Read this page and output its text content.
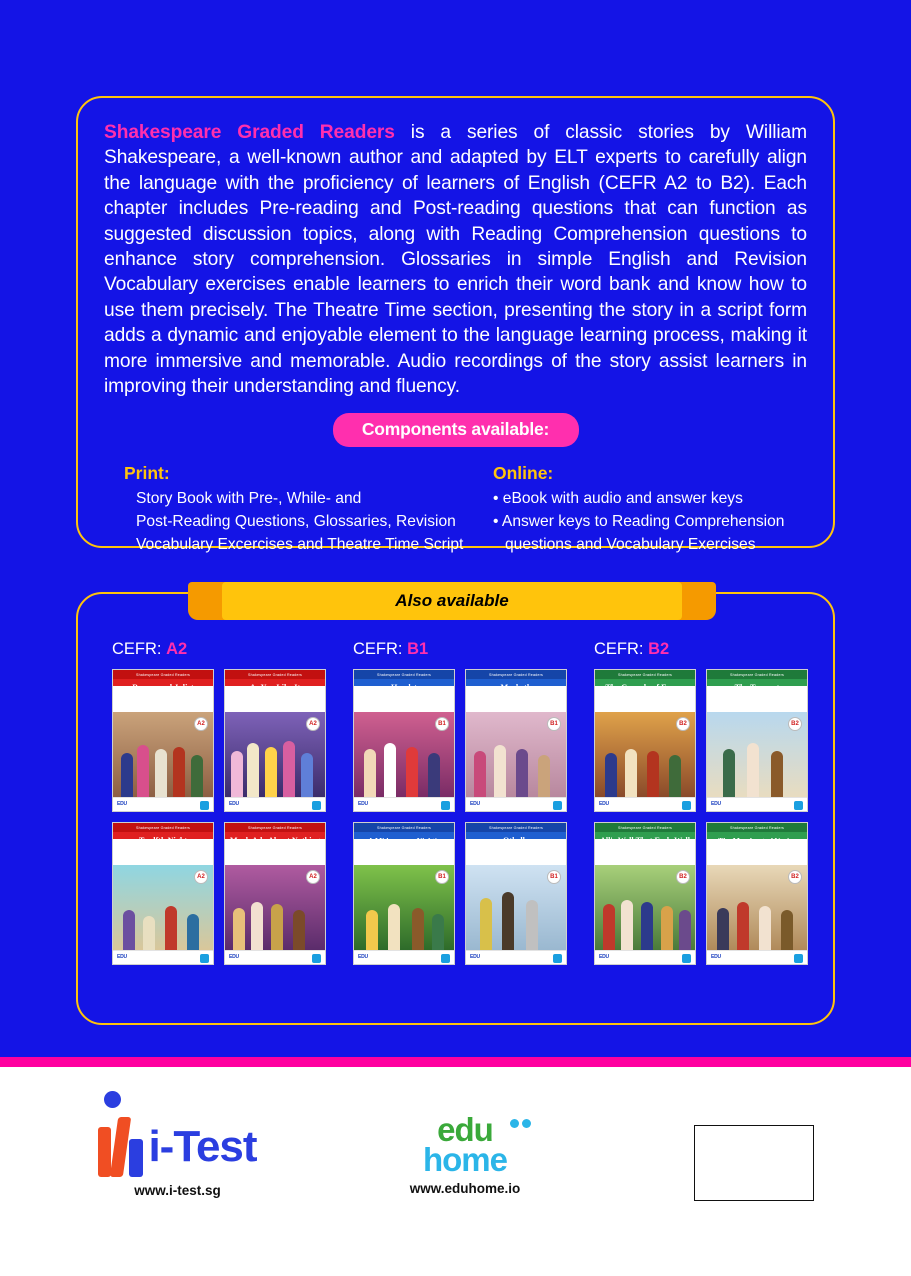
Shakespeare Graded Readers is a series of classic stories by William Shakespeare, a well-known author and adapted by ELT experts to carefully align the language with the proficiency of learners of English (CEFR A2 to B2). Each chapter includes Pre-reading and Post-reading questions that can function as suggested discussion topics, along with Reading Comprehension questions to enhance story comprehension. Glossaries in simple English and Revision Vocabulary exercises enable learners to enrich their word bank and know how to use them precisely. The Theatre Time section, presenting the story in a script form adds a dynamic and enjoyable element to the language learning process, making it more immersive and memorable. Audio recordings of the story assist learners in improving their understanding and fluency.
Components available:
Print:
Story Book with Pre-, While- and
Post-Reading Questions, Glossaries, Revision
Vocabulary Excercises and Theatre Time Script
Online:
• eBook with audio and answer keys
• Answer keys to Reading Comprehension
questions and Vocabulary Exercises
Also available
CEFR: A2
Shakespeare Graded Readers
Romeo and Juliet
by William Shakespeare
A2
EDU
Shakespeare Graded Readers
As You Like It
by William Shakespeare
A2
EDU
Shakespeare Graded Readers
Twelfth Night
by William Shakespeare
A2
EDU
Shakespeare Graded Readers
Much Ado About Nothing
A2
EDU
CEFR: B1
Shakespeare Graded Readers
Hamlet
by William Shakespeare
B1
EDU
Shakespeare Graded Readers
Macbeth
by William Shakespeare
B1
EDU
Shakespeare Graded Readers
A Midsummer Night's Dream
B1
EDU
Shakespeare Graded Readers
Othello
by William Shakespeare
B1
EDU
CEFR: B2
Shakespeare Graded Readers
The Comedy of Errors
by William Shakespeare
B2
EDU
Shakespeare Graded Readers
The Tempest
by William Shakespeare
B2
EDU
Shakespeare Graded Readers
All's Well That Ends Well
by William Shakespeare
B2
EDU
Shakespeare Graded Readers
The Merchant of Venice
by William Shakespeare
B2
EDU
i-Test
www.i-test.sg
edu
home
www.eduhome.io
